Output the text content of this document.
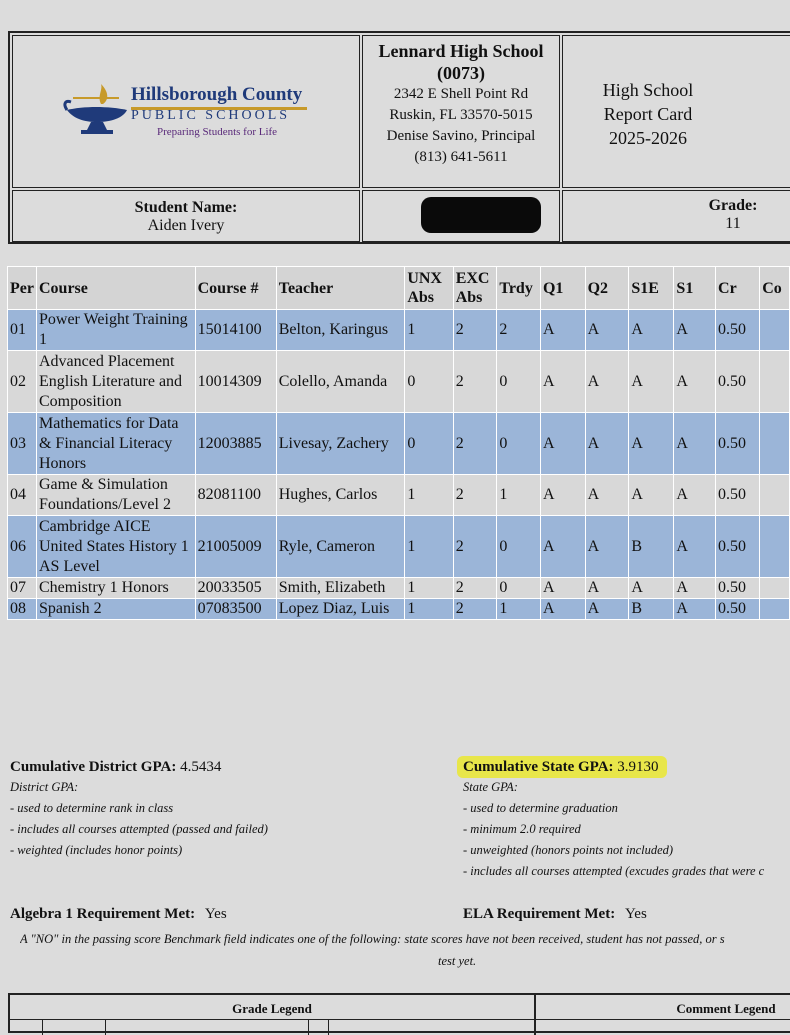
Hillsborough County
PUBLIC SCHOOLS
Preparing Students for Life
Lennard High School
(0073)
2342 E Shell Point Rd
Ruskin, FL 33570-5015
Denise Savino, Principal
(813) 641-5611
High School
Report Card
2025-2026
Student Name:
Aiden Ivery
Grade:
11
Per	Course	Course #	Teacher	UNX Abs	EXC Abs	Trdy	Q1	Q2	S1E	S1	Cr	Co
01	Power Weight Training 1	15014100	Belton, Karingus	1	2	2	A	A	A	A	0.50	
02	Advanced Placement English Literature and Composition	10014309	Colello, Amanda	0	2	0	A	A	A	A	0.50	
03	Mathematics for Data & Financial Literacy Honors	12003885	Livesay, Zachery	0	2	0	A	A	A	A	0.50	
04	Game & Simulation Foundations/Level 2	82081100	Hughes, Carlos	1	2	1	A	A	A	A	0.50	
06	Cambridge AICE United States History 1 AS Level	21005009	Ryle, Cameron	1	2	0	A	A	B	A	0.50	
07	Chemistry 1 Honors	20033505	Smith, Elizabeth	1	2	0	A	A	A	A	0.50	
08	Spanish 2	07083500	Lopez Diaz, Luis	1	2	1	A	A	B	A	0.50	
Cumulative District GPA: 4.5434
District GPA:
- used to determine rank in class
- includes all courses attempted (passed and failed)
- weighted (includes honor points)
Cumulative State GPA: 3.9130
State GPA:
- used to determine graduation
- minimum 2.0 required
- unweighted (honors points not included)
- includes all courses attempted (excudes grades that were c
Algebra 1 Requirement Met: Yes	ELA Requirement Met: Yes
A "NO" in the passing score Benchmark field indicates one of the following: state scores have not been received, student has not passed, or s
test yet.
Grade Legend	Comment Legend
